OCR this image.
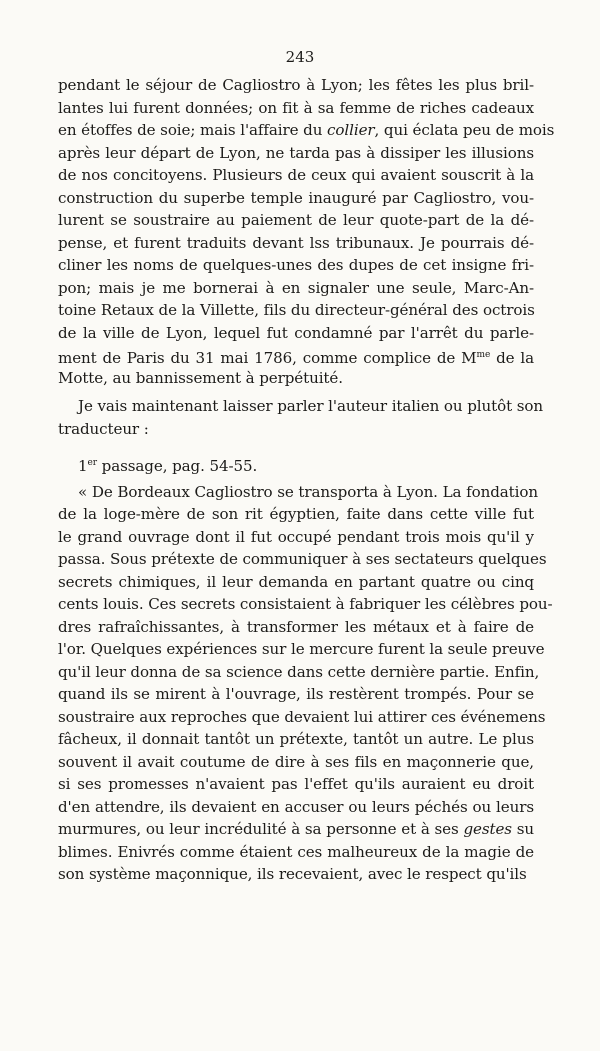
243
pendant le séjour de Cagliostro à Lyon; les fêtes les plus bril-
lantes lui furent données; on fit à sa femme de riches cadeaux
en étoffes de soie; mais l'affaire du collier, qui éclata peu de mois
après leur départ de Lyon, ne tarda pas à dissiper les illusions
de nos concitoyens. Plusieurs de ceux qui avaient souscrit à la
construction du superbe temple inauguré par Cagliostro, vou-
lurent se soustraire au paiement de leur quote-part de la dé-
pense, et furent traduits devant lss tribunaux. Je pourrais dé-
cliner les noms de quelques-unes des dupes de cet insigne fri-
pon; mais je me bornerai à en signaler une seule, Marc-An-
toine Retaux de la Villette, fils du directeur-général des octrois
de la ville de Lyon, lequel fut condamné par l'arrêt du parle-
ment de Paris du 31 mai 1786, comme complice de $M^{me}$ de la
Motte, au bannissement à perpétuité.
Je vais maintenant laisser parler l'auteur italien ou plutôt son
traducteur :
1er passage, pag. 54-55.
« De Bordeaux Cagliostro se transporta à Lyon. La fondation
de la loge-mère de son rit égyptien, faite dans cette ville fut
le grand ouvrage dont il fut occupé pendant trois mois qu'il y
passa. Sous prétexte de communiquer à ses sectateurs quelques
secrets chimiques, il leur demanda en partant quatre ou cinq
cents louis. Ces secrets consistaient à fabriquer les célèbres pou-
dres rafraîchissantes, à transformer les métaux et à faire de
l'or. Quelques expériences sur le mercure furent la seule preuve
qu'il leur donna de sa science dans cette dernière partie. Enfin,
quand ils se mirent à l'ouvrage, ils restèrent trompés. Pour se
soustraire aux reproches que devaient lui attirer ces événemens
fâcheux, il donnait tantôt un prétexte, tantôt un autre. Le plus
souvent il avait coutume de dire à ses fils en maçonnerie que,
si ses promesses n'avaient pas l'effet qu'ils auraient eu droit
d'en attendre, ils devaient en accuser ou leurs péchés ou leurs
murmures, ou leur incrédulité à sa personne et à ses gestes su
blimes. Enivrés comme étaient ces malheureux de la magie de
son système maçonnique, ils recevaient, avec le respect qu'ils
